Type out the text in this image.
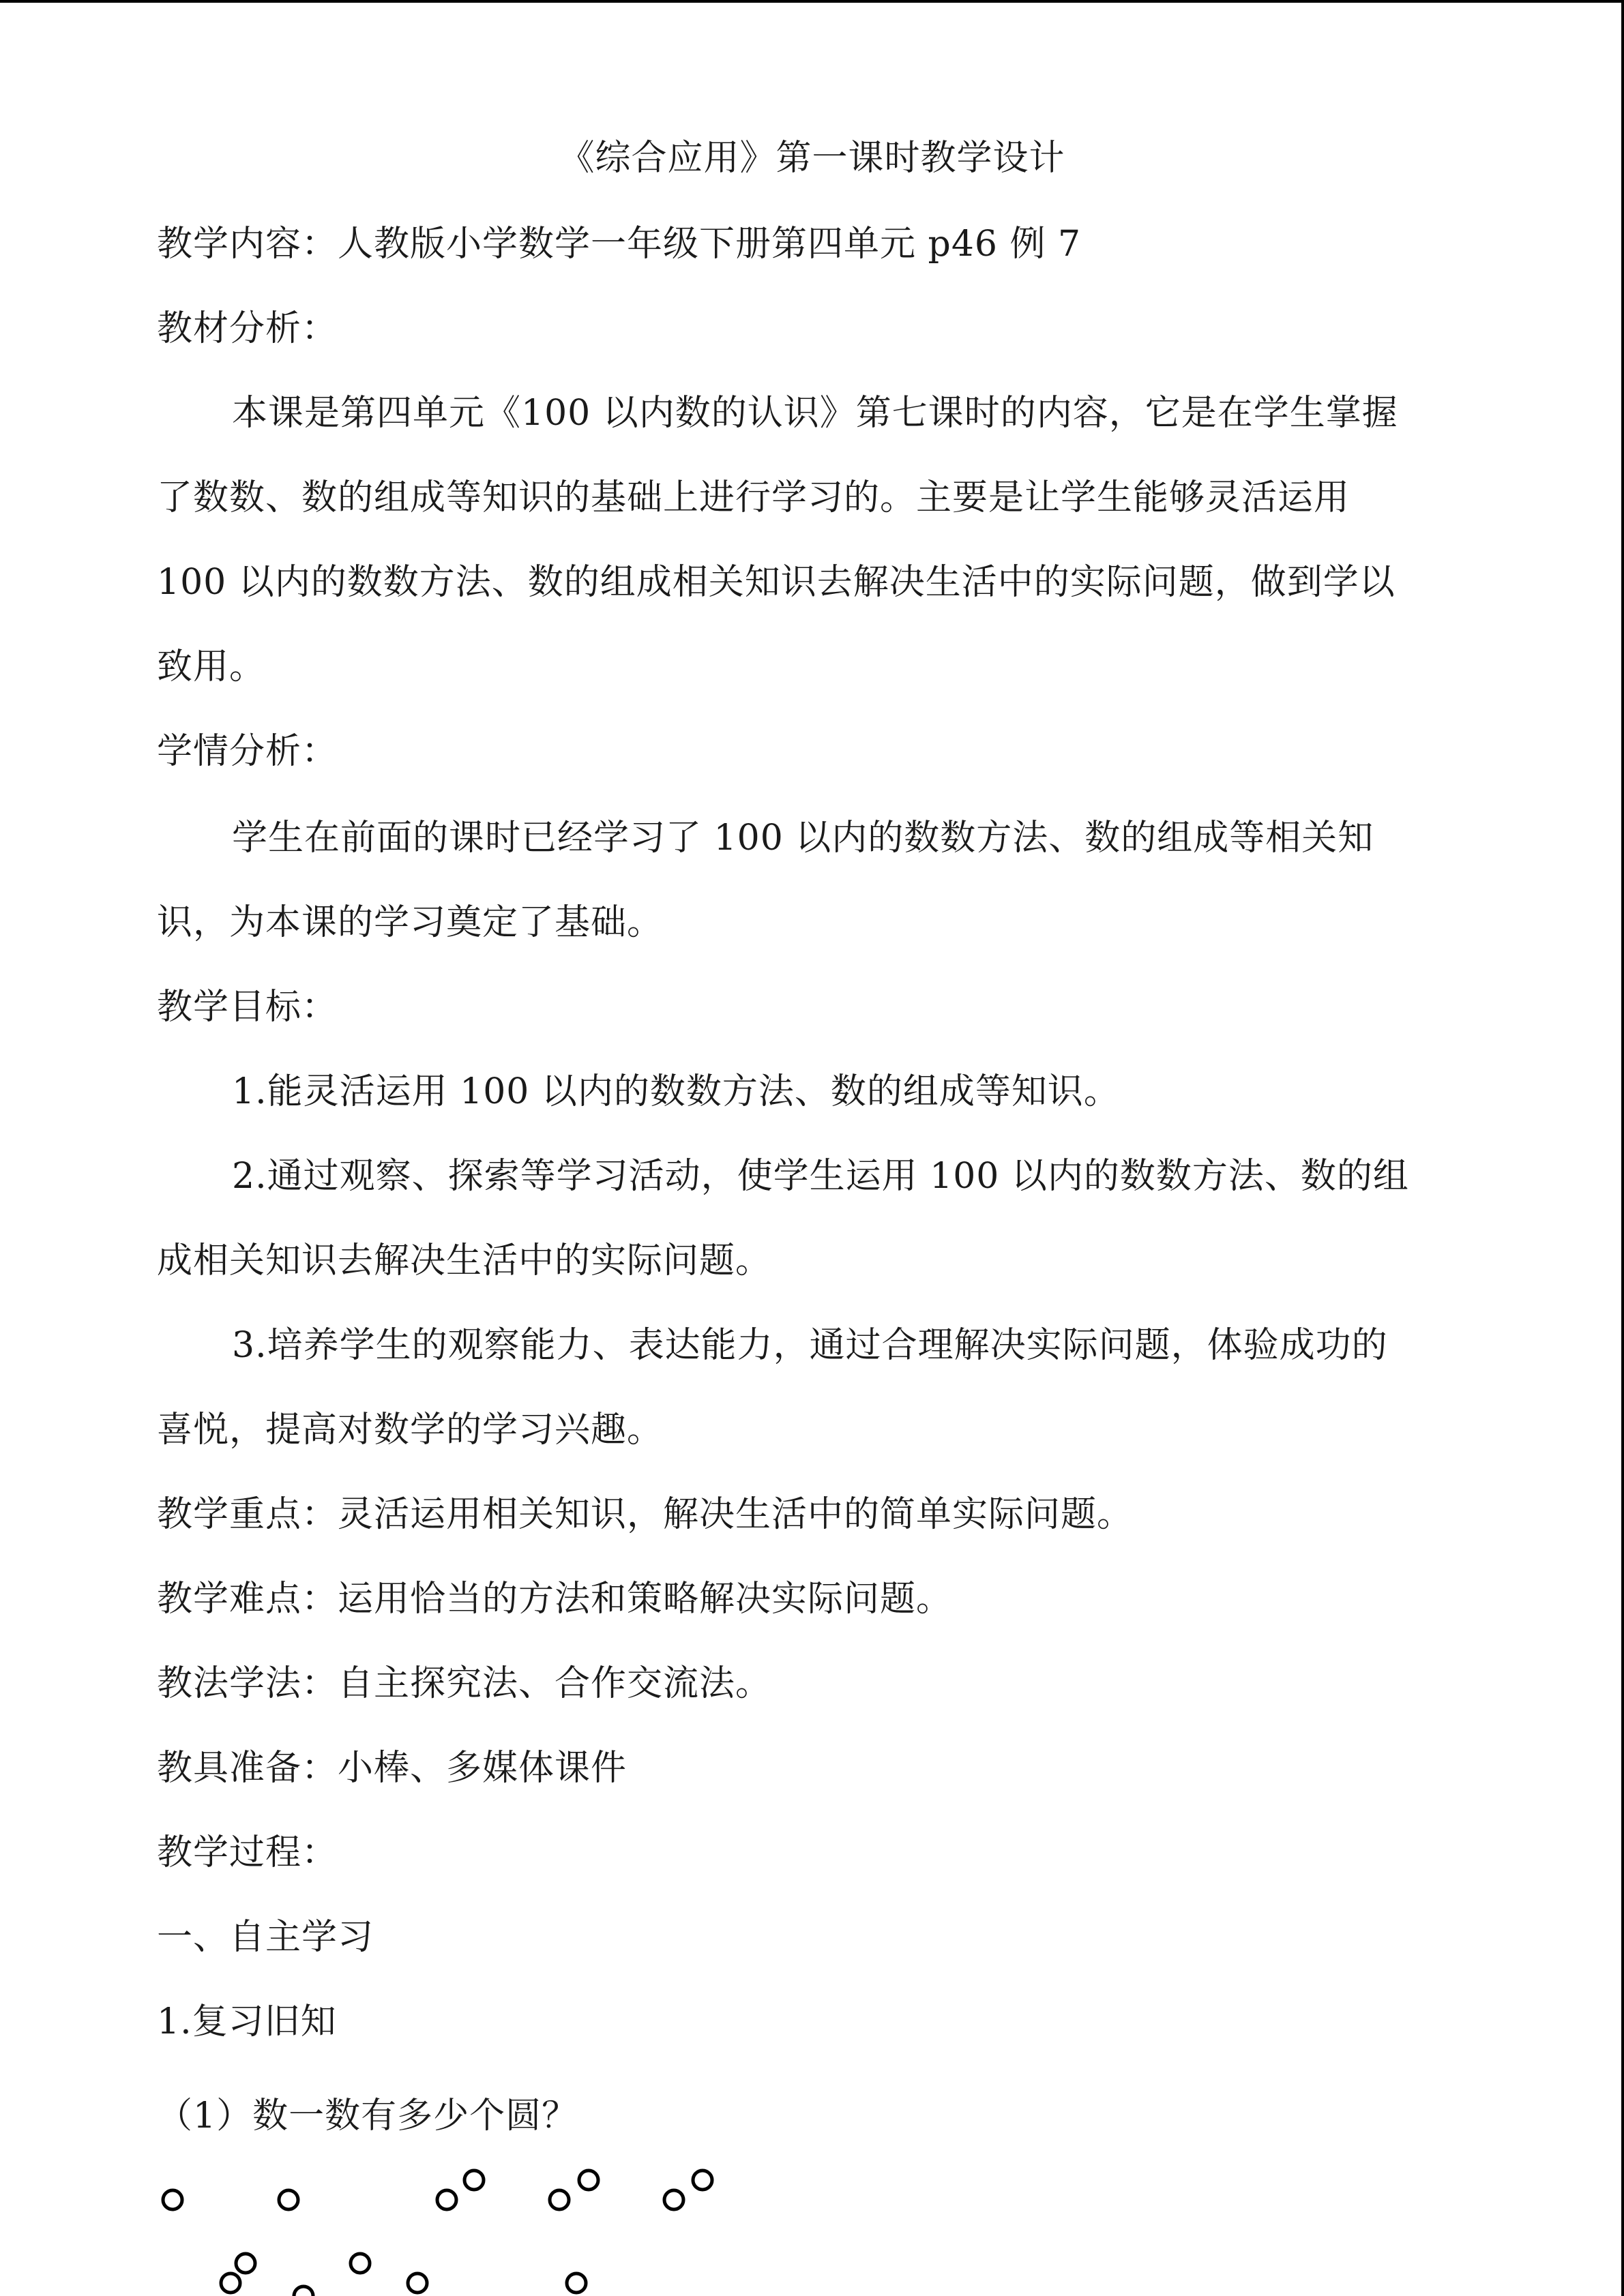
《综合应用》第一课时教学设计
教学内容：人教版小学数学一年级下册第四单元 p46 例 7
教材分析：
本课是第四单元《100 以内数的认识》第七课时的内容，它是在学生掌握
了数数、数的组成等知识的基础上进行学习的。主要是让学生能够灵活运用
100 以内的数数方法、数的组成相关知识去解决生活中的实际问题，做到学以
致用。
学情分析：
学生在前面的课时已经学习了 100 以内的数数方法、数的组成等相关知
识，为本课的学习奠定了基础。
教学目标：
1.能灵活运用 100 以内的数数方法、数的组成等知识。
2.通过观察、探索等学习活动，使学生运用 100 以内的数数方法、数的组
成相关知识去解决生活中的实际问题。
3.培养学生的观察能力、表达能力，通过合理解决实际问题，体验成功的
喜悦，提高对数学的学习兴趣。
教学重点：灵活运用相关知识，解决生活中的简单实际问题。
教学难点：运用恰当的方法和策略解决实际问题。
教法学法：自主探究法、合作交流法。
教具准备：小棒、多媒体课件
教学过程：
一、自主学习
1.复习旧知
（1）数一数有多少个圆？
